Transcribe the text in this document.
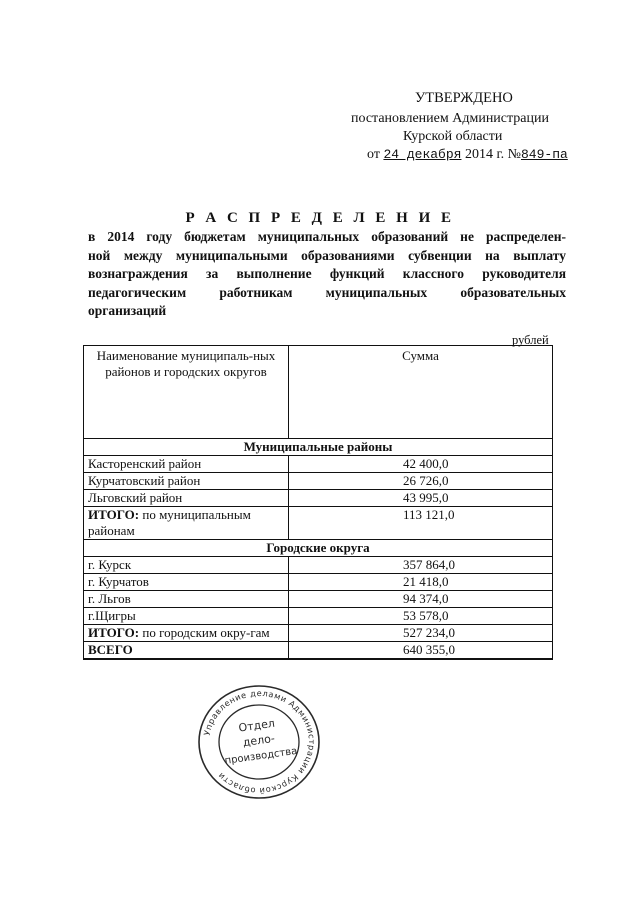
УТВЕРЖДЕНО
постановлением Администрации
Курской области
от 24 декабря 2014 г. №849-па
Р А С П Р Е Д Е Л Е Н И Е
в 2014 году бюджетам муниципальных образований не распределен-
ной между муниципальными образованиями субвенции на выплату
вознаграждения за выполнение функций классного руководителя
педагогическим работникам муниципальных образовательных
организаций
рублей
Наименование муниципаль-ных районов и городских округов	Сумма
Муниципальные районы	
Касторенский район	42 400,0
Курчатовский район	26 726,0
Льговский район	43 995,0
ИТОГО: по муниципальным районам	113 121,0
Городские округа	
г. Курск	357 864,0
г. Курчатов	21 418,0
г. Льгов	94 374,0
г.Щигры	53 578,0
ИТОГО: по городским окру-гам	527 234,0
ВСЕГО	640 355,0
Управление делами Администрации Курской области
Отдел
дело-
производства
